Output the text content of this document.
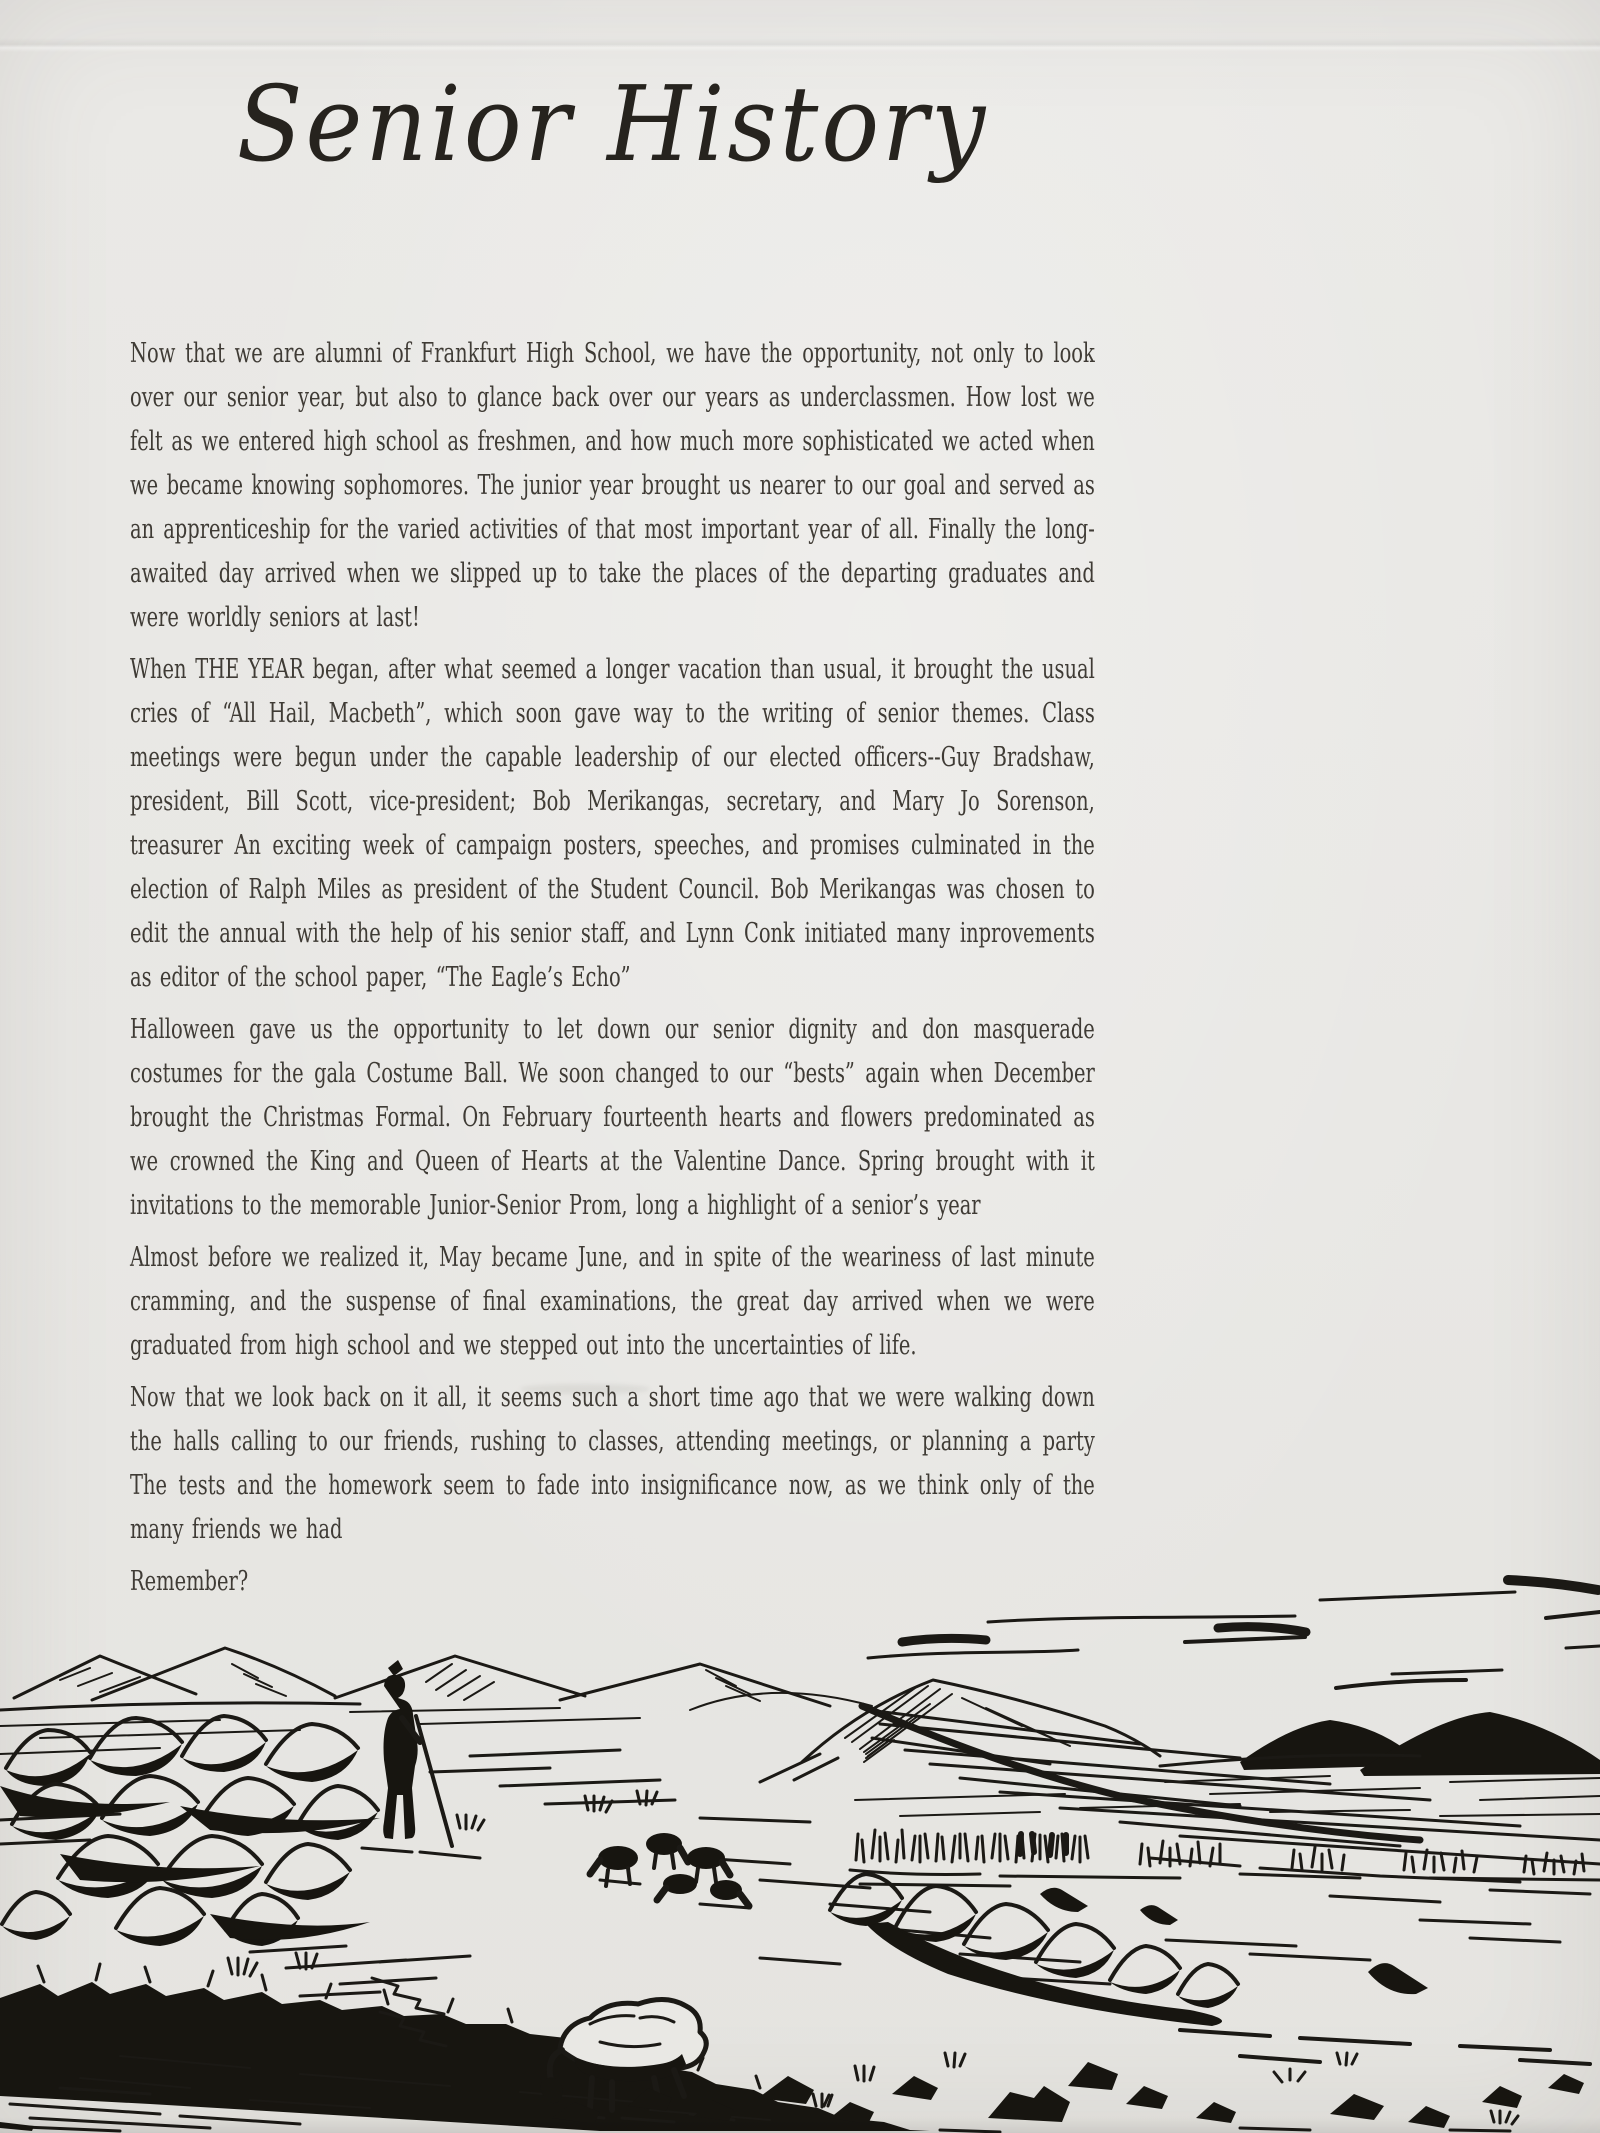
Senior History

Now that we are alumni of Frankfurt High School, we have the opportunity, not only to look over our senior year, but also to glance back over our years as underclassmen. How lost we felt as we entered high school as freshmen, and how much more sophisticated we acted when we became knowing sophomores. The junior year brought us nearer to our goal and served as an apprenticeship for the varied activities of that most important year of all. Finally the long-awaited day arrived when we slipped up to take the places of the departing graduates and were worldly seniors at last!

When THE YEAR began, after what seemed a longer vacation than usual, it brought the usual cries of “All Hail, Macbeth”, which soon gave way to the writing of senior themes. Class meetings were begun under the capable leadership of our elected officers--Guy Bradshaw, president, Bill Scott, vice-president; Bob Merikangas, secretary, and Mary Jo Sorenson, treasurer An exciting week of campaign posters, speeches, and promises culminated in the election of Ralph Miles as president of the Student Council. Bob Merikangas was chosen to edit the annual with the help of his senior staff, and Lynn Conk initiated many inprovements as editor of the school paper, “The Eagle’s Echo”

Halloween gave us the opportunity to let down our senior dignity and don masquerade costumes for the gala Costume Ball. We soon changed to our “bests” again when December brought the Christmas Formal. On February fourteenth hearts and flowers predominated as we crowned the King and Queen of Hearts at the Valentine Dance. Spring brought with it invitations to the memorable Junior-Senior Prom, long a highlight of a senior’s year

Almost before we realized it, May became June, and in spite of the weariness of last minute cramming, and the suspense of final examinations, the great day arrived when we were graduated from high school and we stepped out into the uncertainties of life.

Now that we look back on it all, it seems such a short time ago that we were walking down the halls calling to our friends, rushing to classes, attending meetings, or planning a party The tests and the homework seem to fade into insignificance now, as we think only of the many friends we had

Remember?
